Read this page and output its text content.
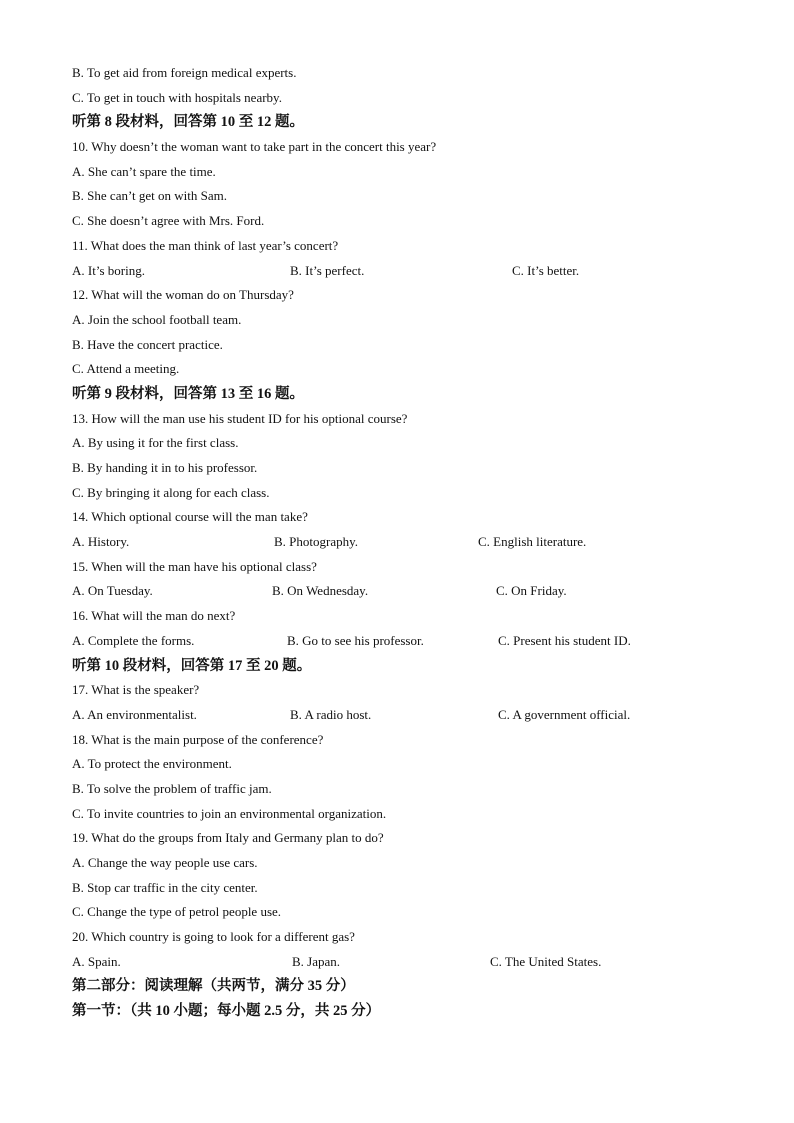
B. To get aid from foreign medical experts.
C. To get in touch with hospitals nearby.
听第 8 段材料，回答第 10 至 12 题。
10. Why doesn’t the woman want to take part in the concert this year?
A. She can’t spare the time.
B. She can’t get on with Sam.
C. She doesn’t agree with Mrs. Ford.
11. What does the man think of last year’s concert?
A. It’s boring.	B. It’s perfect.	C. It’s better.
12. What will the woman do on Thursday?
A. Join the school football team.
B. Have the concert practice.
C. Attend a meeting.
听第 9 段材料，回答第 13 至 16 题。
13. How will the man use his student ID for his optional course?
A. By using it for the first class.
B. By handing it in to his professor.
C. By bringing it along for each class.
14. Which optional course will the man take?
A. History.	B. Photography.	C. English literature.
15. When will the man have his optional class?
A. On Tuesday.	B. On Wednesday.	C. On Friday.
16. What will the man do next?
A. Complete the forms.	B. Go to see his professor.	C. Present his student ID.
听第 10 段材料，回答第 17 至 20 题。
17. What is the speaker?
A. An environmentalist.	B. A radio host.	C. A government official.
18. What is the main purpose of the conference?
A. To protect the environment.
B. To solve the problem of traffic jam.
C. To invite countries to join an environmental organization.
19. What do the groups from Italy and Germany plan to do?
A. Change the way people use cars.
B. Stop car traffic in the city center.
C. Change the type of petrol people use.
20. Which country is going to look for a different gas?
A. Spain.	B. Japan.	C. The United States.
第二部分：阅读理解（共两节，满分 35 分）
第一节：（共 10 小题；每小题 2.5 分，共 25 分）
